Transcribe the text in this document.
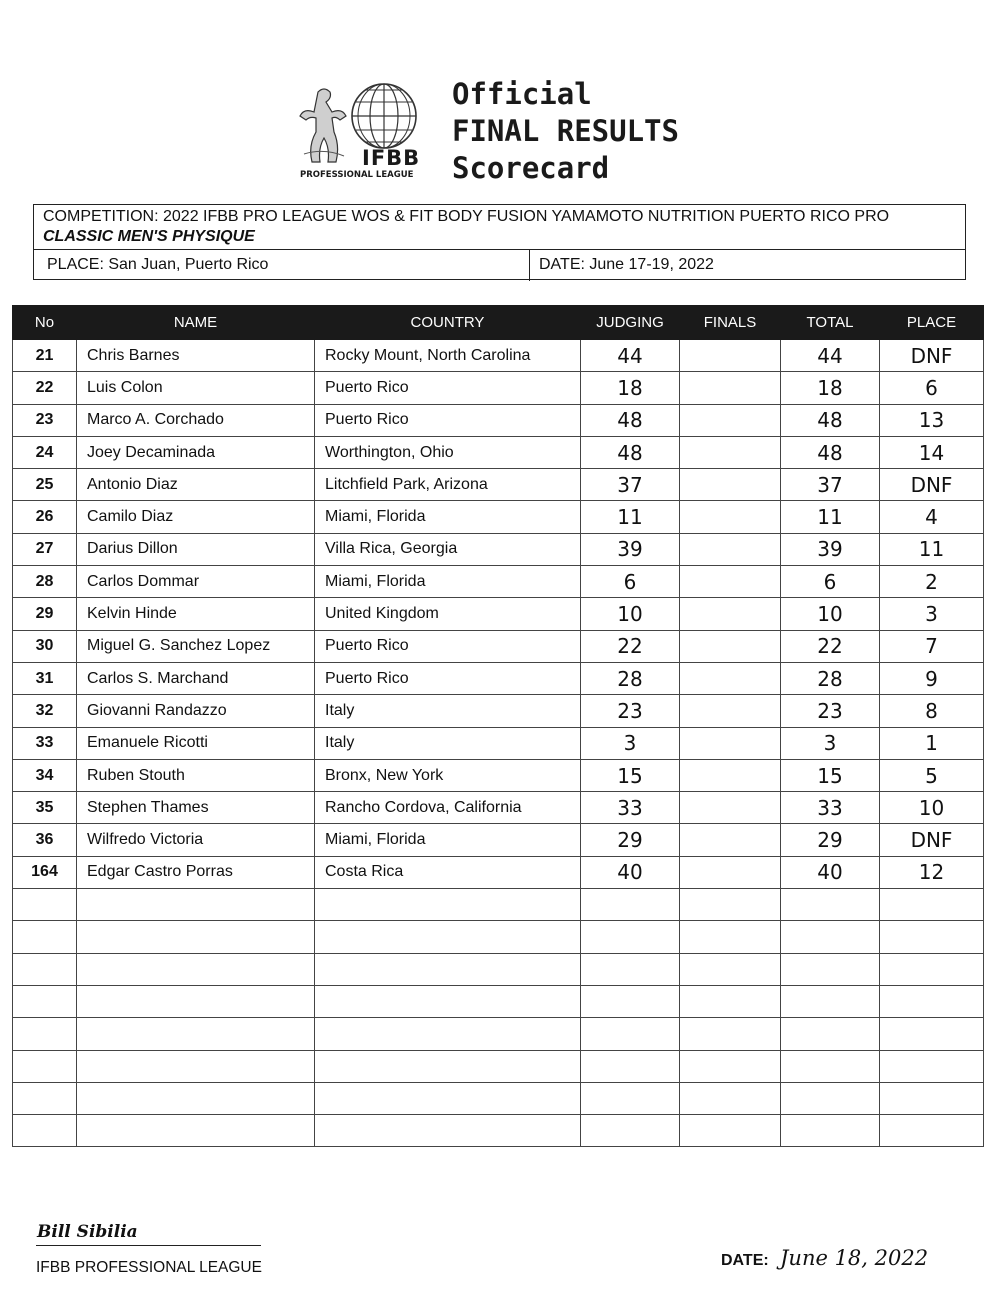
IFBB
PROFESSIONAL LEAGUE
Official
FINAL RESULTS
Scorecard
COMPETITION: 2022 IFBB PRO LEAGUE WOS & FIT BODY FUSION YAMAMOTO NUTRITION PUERTO RICO PRO
CLASSIC MEN'S PHYSIQUE
PLACE: San Juan, Puerto Rico	DATE: June 17-19, 2022
No	NAME	COUNTRY	JUDGING	FINALS	TOTAL	PLACE
21	Chris Barnes	Rocky Mount, North Carolina	44		44	DNF
22	Luis Colon	Puerto Rico	18		18	6
23	Marco A. Corchado	Puerto Rico	48		48	13
24	Joey Decaminada	Worthington, Ohio	48		48	14
25	Antonio Diaz	Litchfield Park, Arizona	37		37	DNF
26	Camilo Diaz	Miami, Florida	11		11	4
27	Darius Dillon	Villa Rica, Georgia	39		39	11
28	Carlos Dommar	Miami, Florida	6		6	2
29	Kelvin Hinde	United Kingdom	10		10	3
30	Miguel G. Sanchez Lopez	Puerto Rico	22		22	7
31	Carlos S. Marchand	Puerto Rico	28		28	9
32	Giovanni Randazzo	Italy	23		23	8
33	Emanuele Ricotti	Italy	3		3	1
34	Ruben Stouth	Bronx, New York	15		15	5
35	Stephen Thames	Rancho Cordova, California	33		33	10
36	Wilfredo Victoria	Miami, Florida	29		29	DNF
164	Edgar Castro Porras	Costa Rica	40		40	12

Bill Sibilia
IFBB PROFESSIONAL LEAGUE	DATE: June 18, 2022
